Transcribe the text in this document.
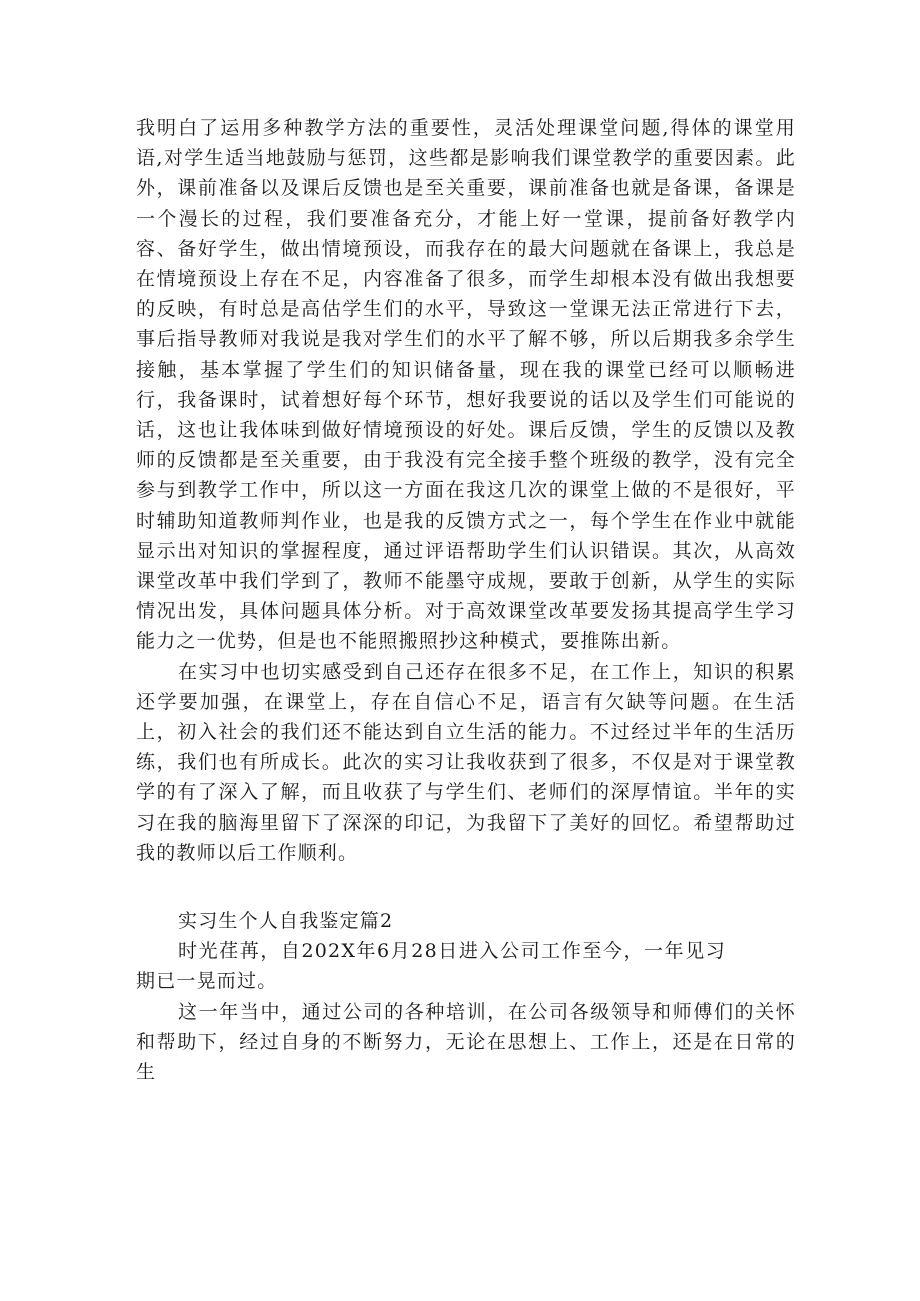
我明白了运用多种教学方法的重要性，灵活处理课堂问题,得体的课堂用语,对学生适当地鼓励与惩罚，这些都是影响我们课堂教学的重要因素。此外，课前准备以及课后反馈也是至关重要，课前准备也就是备课，备课是一个漫长的过程，我们要准备充分，才能上好一堂课，提前备好教学内容、备好学生，做出情境预设，而我存在的最大问题就在备课上，我总是在情境预设上存在不足，内容准备了很多，而学生却根本没有做出我想要的反映，有时总是高估学生们的水平，导致这一堂课无法正常进行下去，事后指导教师对我说是我对学生们的水平了解不够，所以后期我多余学生接触，基本掌握了学生们的知识储备量，现在我的课堂已经可以顺畅进行，我备课时，试着想好每个环节，想好我要说的话以及学生们可能说的话，这也让我体味到做好情境预设的好处。课后反馈，学生的反馈以及教师的反馈都是至关重要，由于我没有完全接手整个班级的教学，没有完全参与到教学工作中，所以这一方面在我这几次的课堂上做的不是很好，平时辅助知道教师判作业，也是我的反馈方式之一，每个学生在作业中就能显示出对知识的掌握程度，通过评语帮助学生们认识错误。其次，从高效课堂改革中我们学到了，教师不能墨守成规，要敢于创新，从学生的实际情况出发，具体问题具体分析。对于高效课堂改革要发扬其提高学生学习能力之一优势，但是也不能照搬照抄这种模式，要推陈出新。

在实习中也切实感受到自己还存在很多不足，在工作上，知识的积累还学要加强，在课堂上，存在自信心不足，语言有欠缺等问题。在生活上，初入社会的我们还不能达到自立生活的能力。不过经过半年的生活历练，我们也有所成长。此次的实习让我收获到了很多，不仅是对于课堂教学的有了深入了解，而且收获了与学生们、老师们的深厚情谊。半年的实习在我的脑海里留下了深深的印记，为我留下了美好的回忆。希望帮助过我的教师以后工作顺利。

实习生个人自我鉴定篇2

时光荏苒，自202X年6月28日进入公司工作至今，一年见习期已一晃而过。

这一年当中，通过公司的各种培训，在公司各级领导和师傅们的关怀和帮助下，经过自身的不断努力，无论在思想上、工作上，还是在日常的生
